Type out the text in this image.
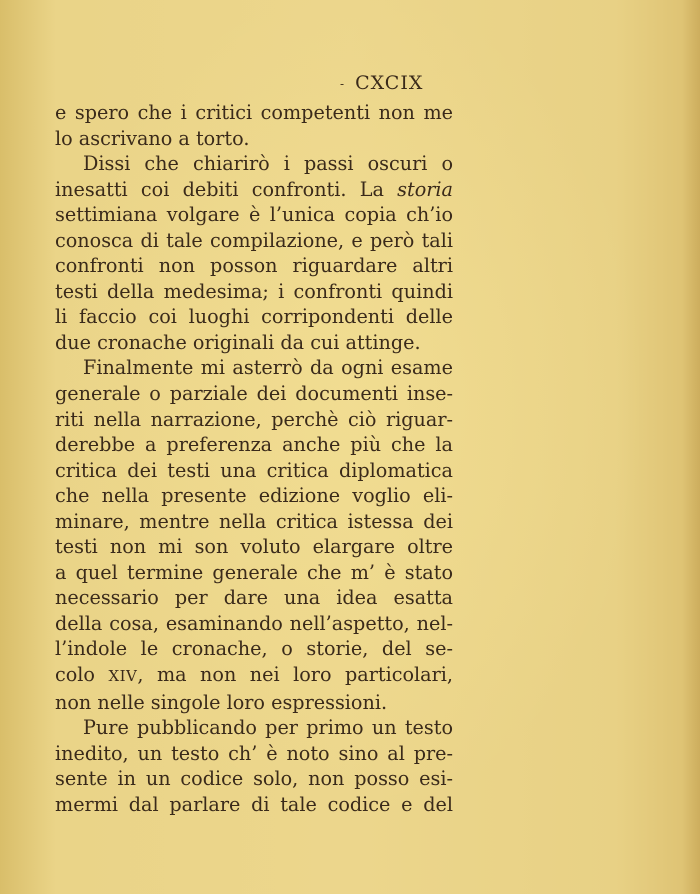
- CXCIX
e spero che i critici competenti non me
lo ascrivano a torto.
Dissi che chiarirò i passi oscuri o
inesatti coi debiti confronti. La storia
settimiana volgare è l’unica copia ch’io
conosca di tale compilazione, e però tali
confronti non posson riguardare altri
testi della medesima; i confronti quindi
li faccio coi luoghi corripondenti delle
due cronache originali da cui attinge.
Finalmente mi asterrò da ogni esame
generale o parziale dei documenti inse-
riti nella narrazione, perchè ciò riguar-
derebbe a preferenza anche più che la
critica dei testi una critica diplomatica
che nella presente edizione voglio eli-
minare, mentre nella critica istessa dei
testi non mi son voluto elargare oltre
a quel termine generale che m’ è stato
necessario per dare una idea esatta
della cosa, esaminando nell’aspetto, nel-
l’indole le cronache, o storie, del se-
colo XIV, ma non nei loro particolari,
non nelle singole loro espressioni.
Pure pubblicando per primo un testo
inedito, un testo ch’ è noto sino al pre-
sente in un codice solo, non posso esi-
mermi dal parlare di tale codice e del
